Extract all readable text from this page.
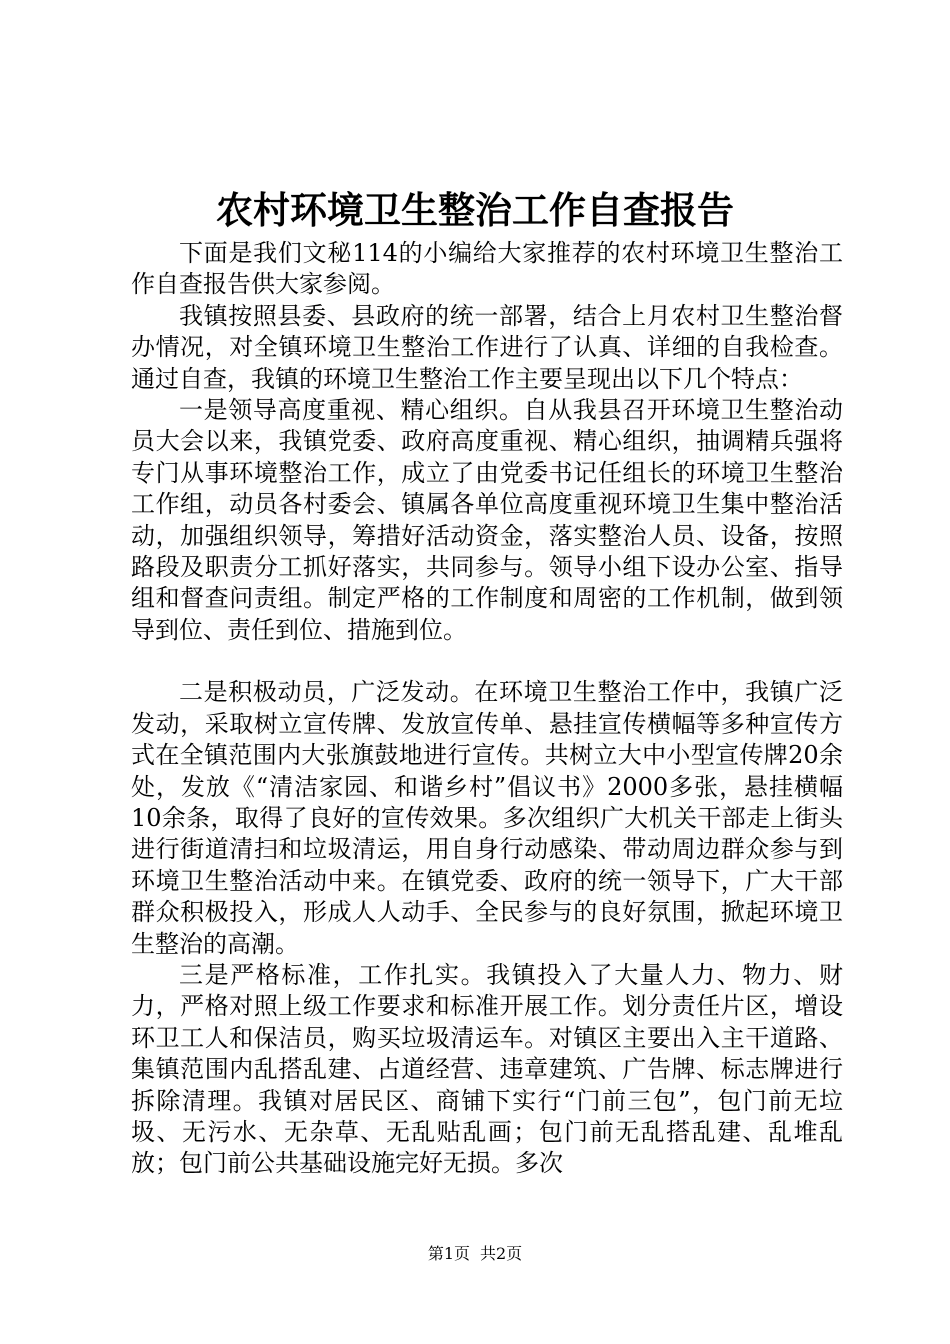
农村环境卫生整治工作自查报告

下面是我们文秘114的小编给大家推荐的农村环境卫生整治工作自查报告供大家参阅。

我镇按照县委、县政府的统一部署，结合上月农村卫生整治督办情况，对全镇环境卫生整治工作进行了认真、详细的自我检查。通过自查，我镇的环境卫生整治工作主要呈现出以下几个特点：

一是领导高度重视、精心组织。自从我县召开环境卫生整治动员大会以来，我镇党委、政府高度重视、精心组织，抽调精兵强将专门从事环境整治工作，成立了由党委书记任组长的环境卫生整治工作组，动员各村委会、镇属各单位高度重视环境卫生集中整治活动，加强组织领导，筹措好活动资金，落实整治人员、设备，按照路段及职责分工抓好落实，共同参与。领导小组下设办公室、指导组和督查问责组。制定严格的工作制度和周密的工作机制，做到领导到位、责任到位、措施到位。

二是积极动员，广泛发动。在环境卫生整治工作中，我镇广泛发动，采取树立宣传牌、发放宣传单、悬挂宣传横幅等多种宣传方式在全镇范围内大张旗鼓地进行宣传。共树立大中小型宣传牌20余处，发放《“清洁家园、和谐乡村”倡议书》2000多张，悬挂横幅10余条，取得了良好的宣传效果。多次组织广大机关干部走上街头进行街道清扫和垃圾清运，用自身行动感染、带动周边群众参与到环境卫生整治活动中来。在镇党委、政府的统一领导下，广大干部群众积极投入，形成人人动手、全民参与的良好氛围，掀起环境卫生整治的高潮。

三是严格标准，工作扎实。我镇投入了大量人力、物力、财力，严格对照上级工作要求和标准开展工作。划分责任片区，增设环卫工人和保洁员，购买垃圾清运车。对镇区主要出入主干道路、集镇范围内乱搭乱建、占道经营、违章建筑、广告牌、标志牌进行拆除清理。我镇对居民区、商铺下实行“门前三包”，包门前无垃圾、无污水、无杂草、无乱贴乱画；包门前无乱搭乱建、乱堆乱放；包门前公共基础设施完好无损。多次

第1页 共2页
